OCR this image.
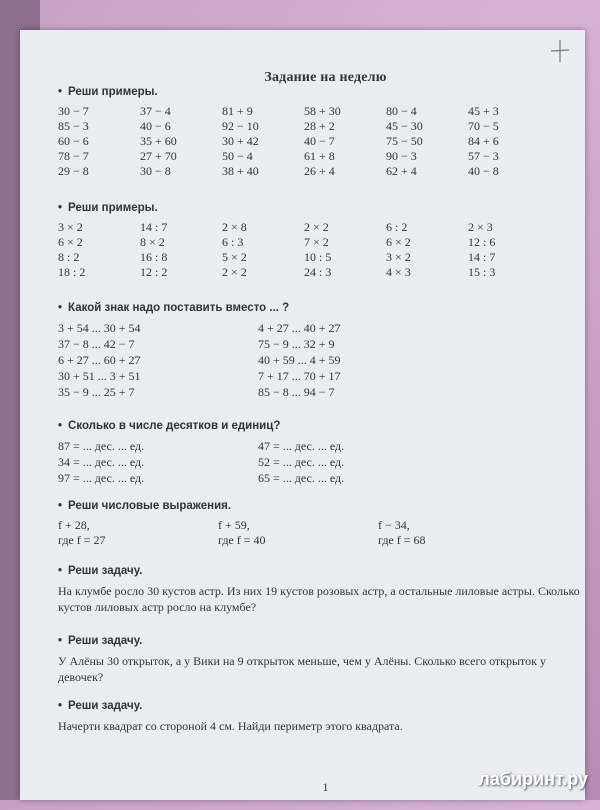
Задание на неделю
• Реши примеры.
30 − 7
85 − 3
60 − 6
78 − 7
29 − 8
37 − 4
40 − 6
35 + 60
27 + 70
30 − 8
81 + 9
92 − 10
30 + 42
50 − 4
38 + 40
58 + 30
28 + 2
40 − 7
61 + 8
26 + 4
80 − 4
45 − 30
75 − 50
90 − 3
62 + 4
45 + 3
70 − 5
84 + 6
57 − 3
40 − 8
• Реши примеры.
3 × 2
6 × 2
8 : 2
18 : 2
14 : 7
8 × 2
16 : 8
12 : 2
2 × 8
6 : 3
5 × 2
2 × 2
2 × 2
7 × 2
10 : 5
24 : 3
6 : 2
6 × 2
3 × 2
4 × 3
2 × 3
12 : 6
14 : 7
15 : 3
• Какой знак надо поставить вместо ... ?
3 + 54 ... 30 + 54
37 − 8 ... 42 − 7
6 + 27 ... 60 + 27
30 + 51 ... 3 + 51
35 − 9 ... 25 + 7
4 + 27 ... 40 + 27
75 − 9 ... 32 + 9
40 + 59 ... 4 + 59
7 + 17 ... 70 + 17
85 − 8 ... 94 − 7
• Сколько в числе десятков и единиц?
87 = ... дес. ... ед.
34 = ... дес. ... ед.
97 = ... дес. ... ед.
47 = ... дес. ... ед.
52 = ... дес. ... ед.
65 = ... дес. ... ед.
• Реши числовые выражения.
f + 28,
где f = 27
f + 59,
где f = 40
f − 34,
где f = 68
• Реши задачу.
На клумбе росло 30 кустов астр. Из них 19 кустов розовых астр, а остальные лиловые астры. Сколько кустов лиловых астр росло на клумбе?
• Реши задачу.
У Алёны 30 открыток, а у Вики на 9 открыток меньше, чем у Алёны. Сколько всего открыток у девочек?
• Реши задачу.
Начерти квадрат со стороной 4 см. Найди периметр этого квадрата.
1	лабиринт.ру
